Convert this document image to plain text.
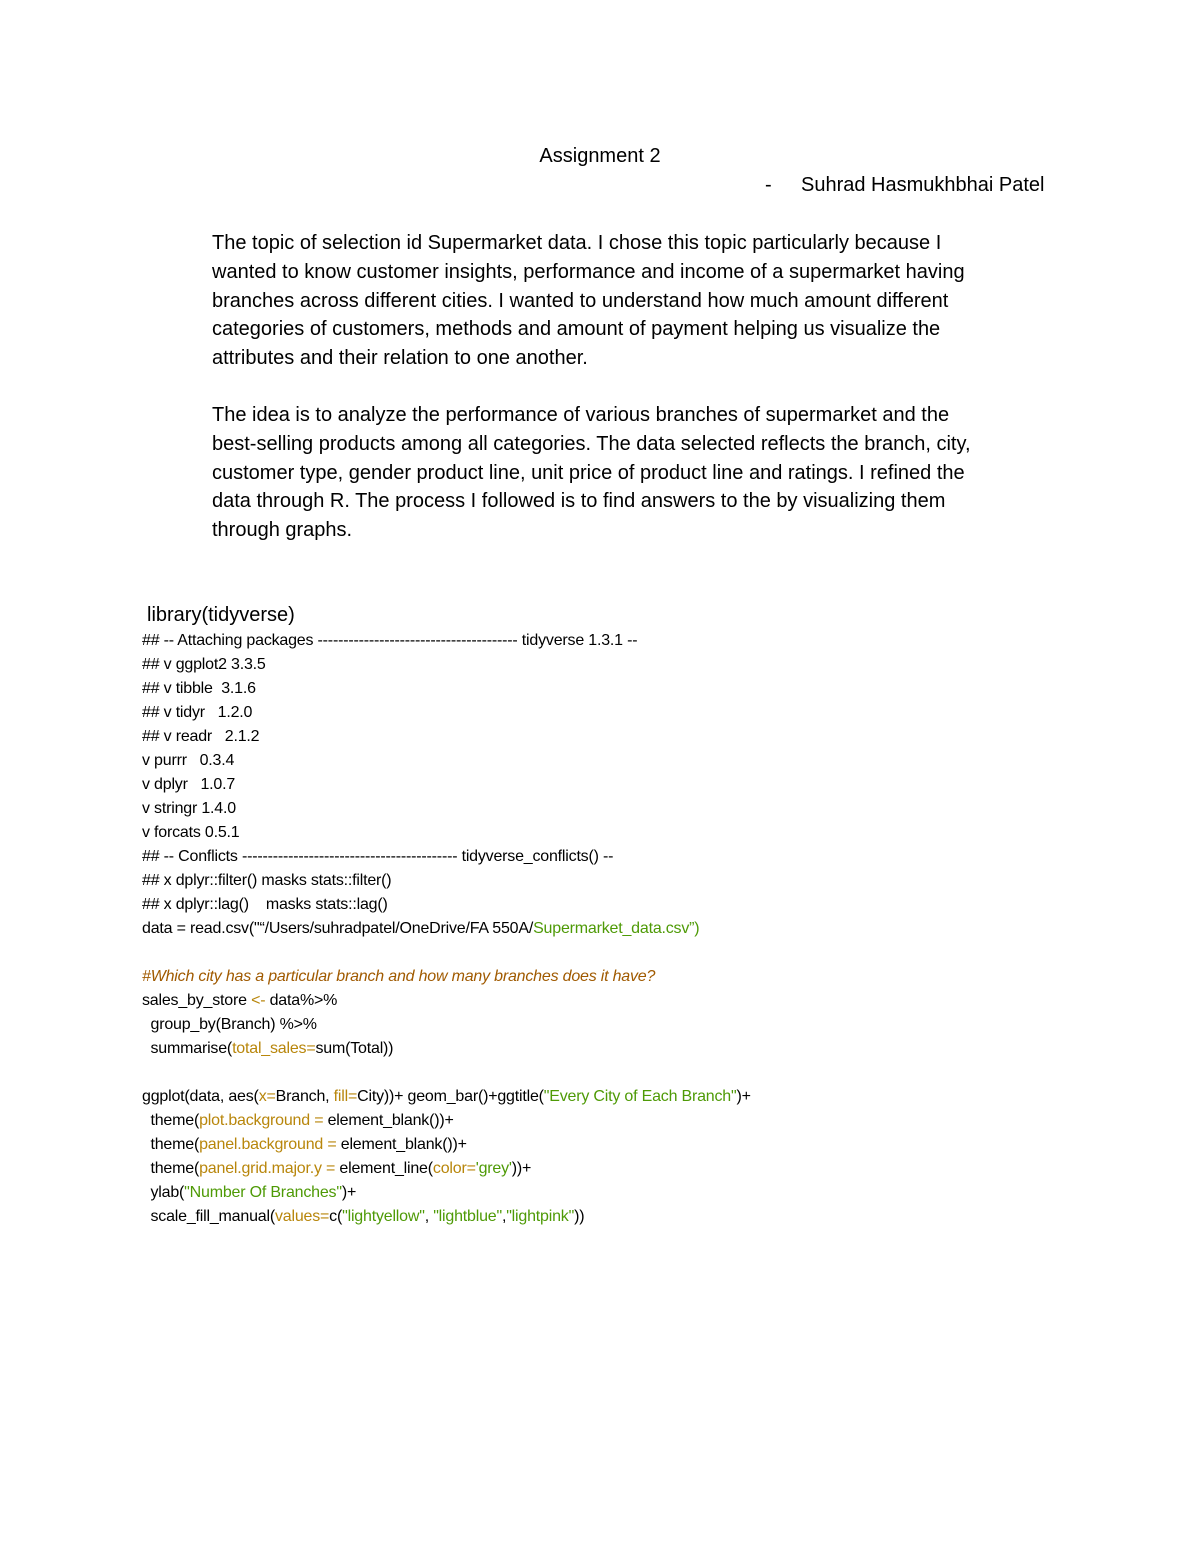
Assignment 2
- Suhrad Hasmukhbhai Patel
The topic of selection id Supermarket data. I chose this topic particularly because I
wanted to know customer insights, performance and income of a supermarket having
branches across different cities. I wanted to understand how much amount different
categories of customers, methods and amount of payment helping us visualize the
attributes and their relation to one another.
The idea is to analyze the performance of various branches of supermarket and the
best-selling products among all categories. The data selected reflects the branch, city,
customer type, gender product line, unit price of product line and ratings. I refined the
data through R. The process I followed is to find answers to the by visualizing them
through graphs.
library(tidyverse)
## -- Attaching packages --------------------------------------- tidyverse 1.3.1 --
## v ggplot2 3.3.5
## v tibble  3.1.6
## v tidyr   1.2.0
## v readr   2.1.2
v purrr   0.3.4
v dplyr   1.0.7
v stringr 1.4.0
v forcats 0.5.1
## -- Conflicts ------------------------------------------ tidyverse_conflicts() --
## x dplyr::filter() masks stats::filter()
## x dplyr::lag()    masks stats::lag()
data = read.csv("“/Users/suhradpatel/OneDrive/FA 550A/Supermarket_data.csv”)
#Which city has a particular branch and how many branches does it have?
sales_by_store <- data%>%
group_by(Branch) %>%
summarise(total_sales=sum(Total))
ggplot(data, aes(x=Branch, fill=City))+ geom_bar()+ggtitle("Every City of Each Branch")+
theme(plot.background = element_blank())+
theme(panel.background = element_blank())+
theme(panel.grid.major.y = element_line(color='grey'))+
ylab("Number Of Branches")+
scale_fill_manual(values=c("lightyellow", "lightblue","lightpink"))
